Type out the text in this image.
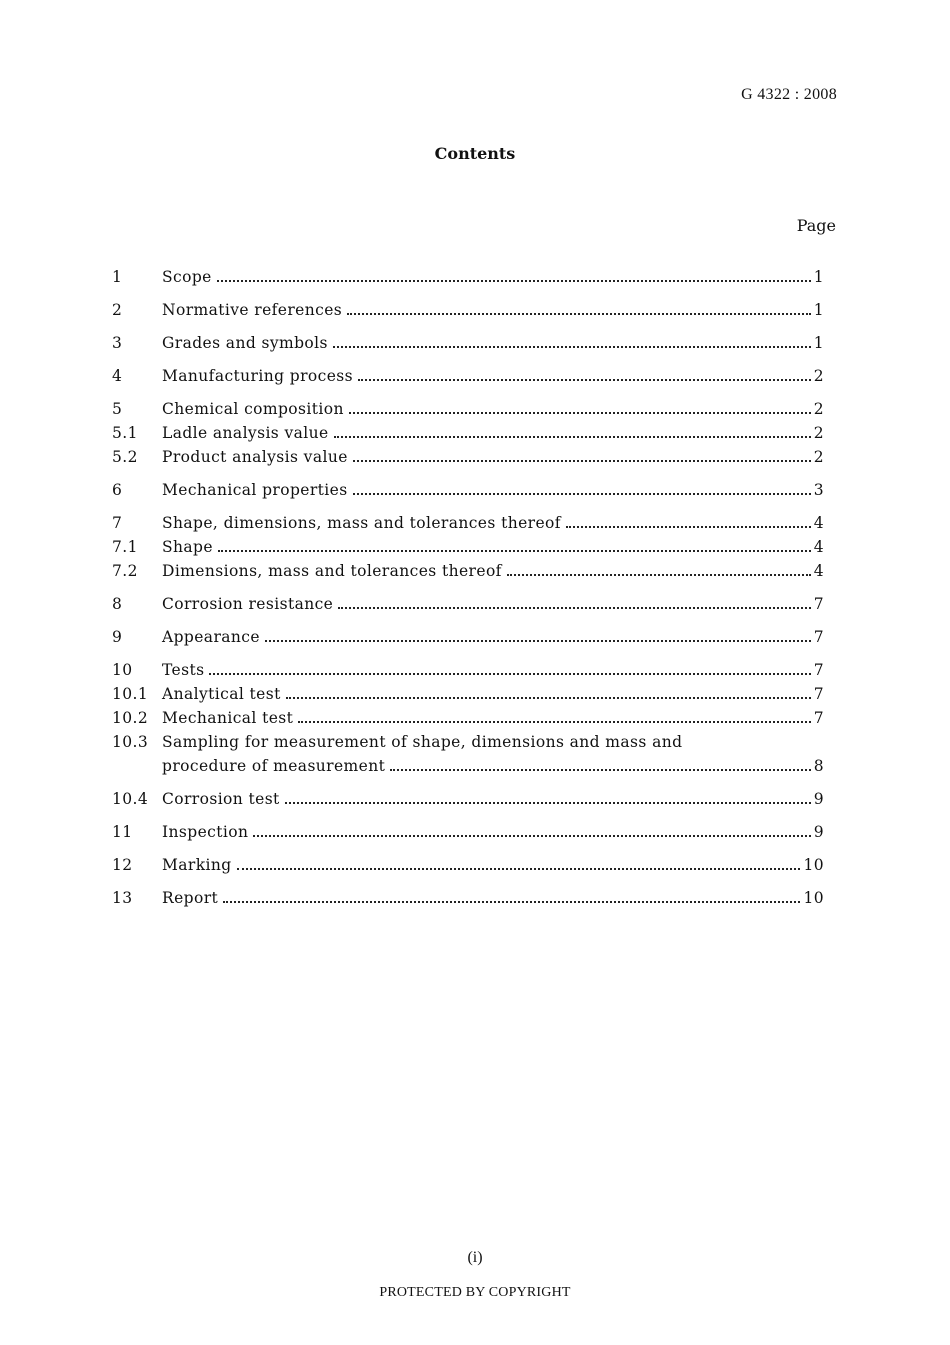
G 4322 : 2008
Contents
Page
1	Scope	1
2	Normative references	1
3	Grades and symbols	1
4	Manufacturing process	2
5	Chemical composition	2
5.1	Ladle analysis value	2
5.2	Product analysis value	2
6	Mechanical properties	3
7	Shape, dimensions, mass and tolerances thereof	4
7.1	Shape	4
7.2	Dimensions, mass and tolerances thereof	4
8	Corrosion resistance	7
9	Appearance	7
10	Tests	7
10.1 Analytical test	7
10.2 Mechanical test	7
10.3 Sampling for measurement of shape, dimensions and mass and
procedure of measurement	8
10.4 Corrosion test	9
11	Inspection	9
12	Marking	10
13	Report	10
(i)
PROTECTED BY COPYRIGHT
